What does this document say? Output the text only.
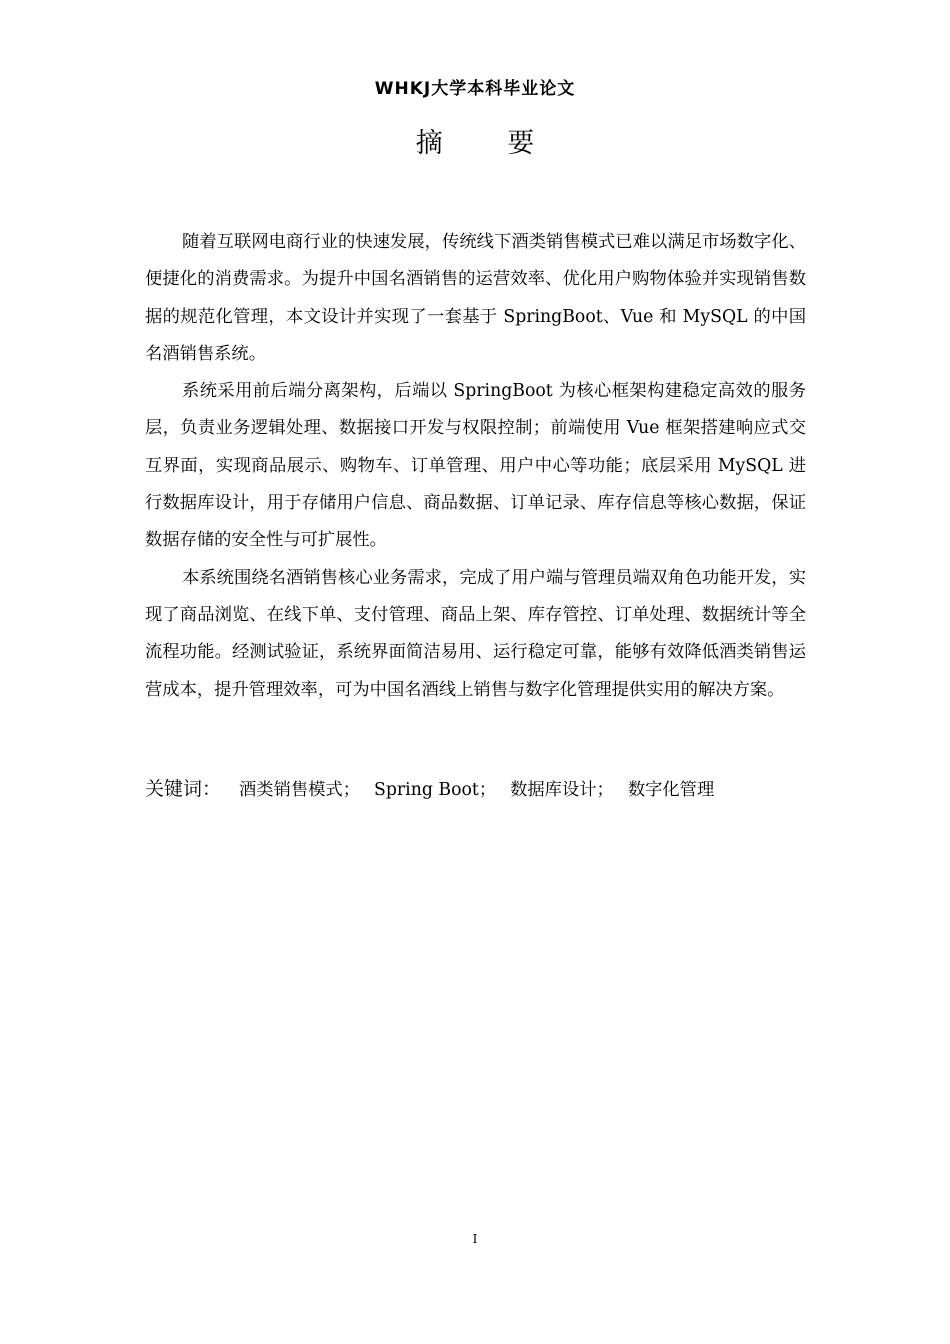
WHKJ大学本科毕业论文
摘 要

随着互联网电商行业的快速发展，传统线下酒类销售模式已难以满足市场数字化、便捷化的消费需求。为提升中国名酒销售的运营效率、优化用户购物体验并实现销售数据的规范化管理，本文设计并实现了一套基于 SpringBoot、Vue 和 MySQL 的中国名酒销售系统。

系统采用前后端分离架构，后端以 SpringBoot 为核心框架构建稳定高效的服务层，负责业务逻辑处理、数据接口开发与权限控制；前端使用 Vue 框架搭建响应式交互界面，实现商品展示、购物车、订单管理、用户中心等功能；底层采用 MySQL 进行数据库设计，用于存储用户信息、商品数据、订单记录、库存信息等核心数据，保证数据存储的安全性与可扩展性。

本系统围绕名酒销售核心业务需求，完成了用户端与管理员端双角色功能开发，实现了商品浏览、在线下单、支付管理、商品上架、库存管控、订单处理、数据统计等全流程功能。经测试验证，系统界面简洁易用、运行稳定可靠，能够有效降低酒类销售运营成本，提升管理效率，可为中国名酒线上销售与数字化管理提供实用的解决方案。

关键词： 酒类销售模式； Spring Boot； 数据库设计； 数字化管理
I
